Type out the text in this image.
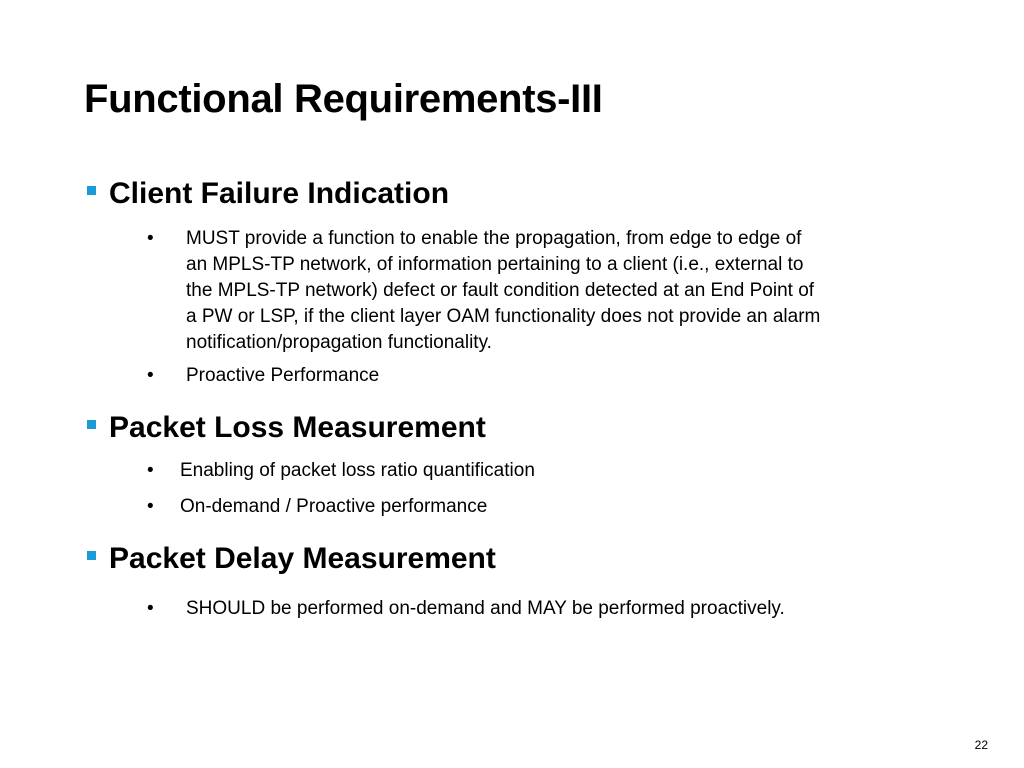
Functional Requirements-III
Client Failure Indication
• MUST provide a function to enable the propagation, from edge to edge of
an MPLS-TP network, of information pertaining to a client (i.e., external to
the MPLS-TP network) defect or fault condition detected at an End Point of
a PW or LSP, if the client layer OAM functionality does not provide an alarm
notification/propagation functionality.
• Proactive Performance
Packet Loss Measurement
• Enabling of packet loss ratio quantification
• On-demand / Proactive performance
Packet Delay Measurement
• SHOULD be performed on-demand and MAY be performed proactively.
22
